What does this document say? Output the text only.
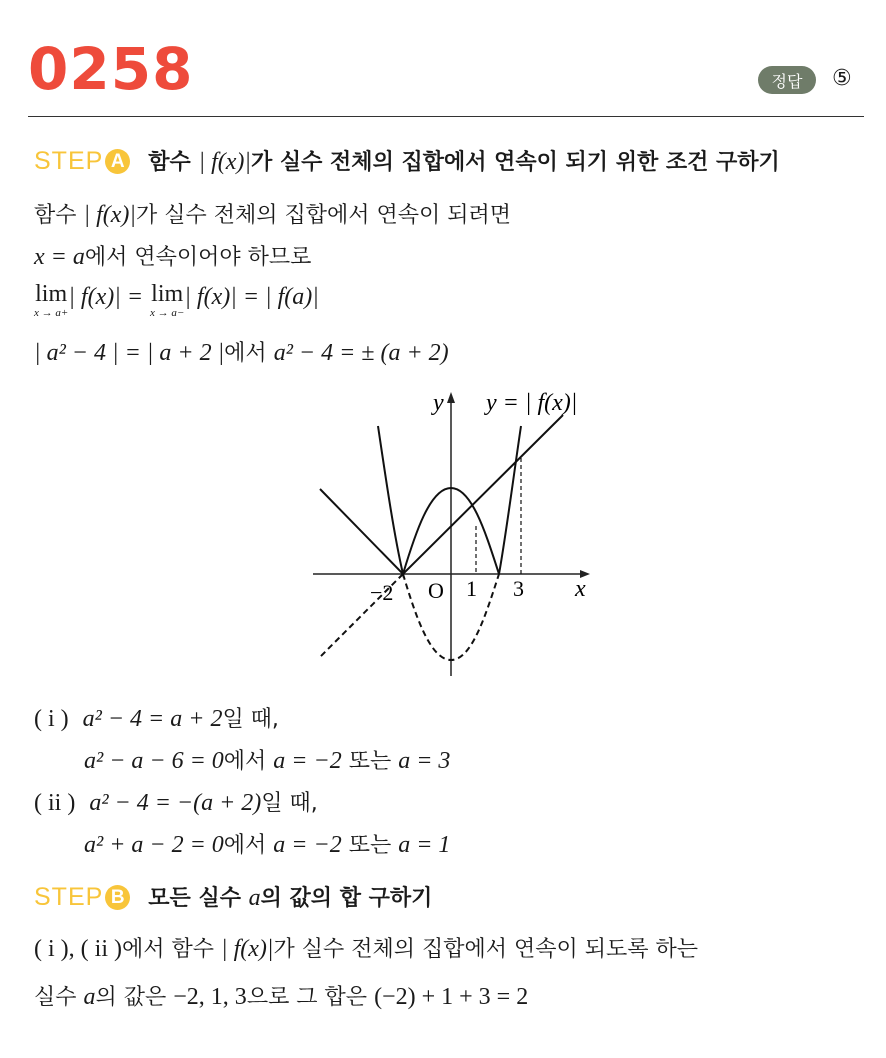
0258	정답	⑤
STEP A 함수 | f(x)|가 실수 전체의 집합에서 연속이 되기 위한 조건 구하기
함수 | f(x)|가 실수 전체의 집합에서 연속이 되려면
x = a에서 연속이어야 하므로
lim
x → a+
| f(x)| = lim
x → a−
| f(x)| = | f(a)|
| a² − 4 | = | a + 2 |에서 a² − 4 = ± (a + 2)
y
x
y = | f(x)|
O
−2	1 3
( i ) a² − 4 = a + 2일 때,
a² − a − 6 = 0에서 a = −2 또는 a = 3
( ii ) a² − 4 = −(a + 2)일 때,
a² + a − 2 = 0에서 a = −2 또는 a = 1
STEP B 모든 실수 a의 값의 합 구하기
( i ), ( ii )에서 함수 | f(x)|가 실수 전체의 집합에서 연속이 되도록 하는
실수 a의 값은 −2, 1, 3으로 그 합은 (−2) + 1 + 3 = 2
